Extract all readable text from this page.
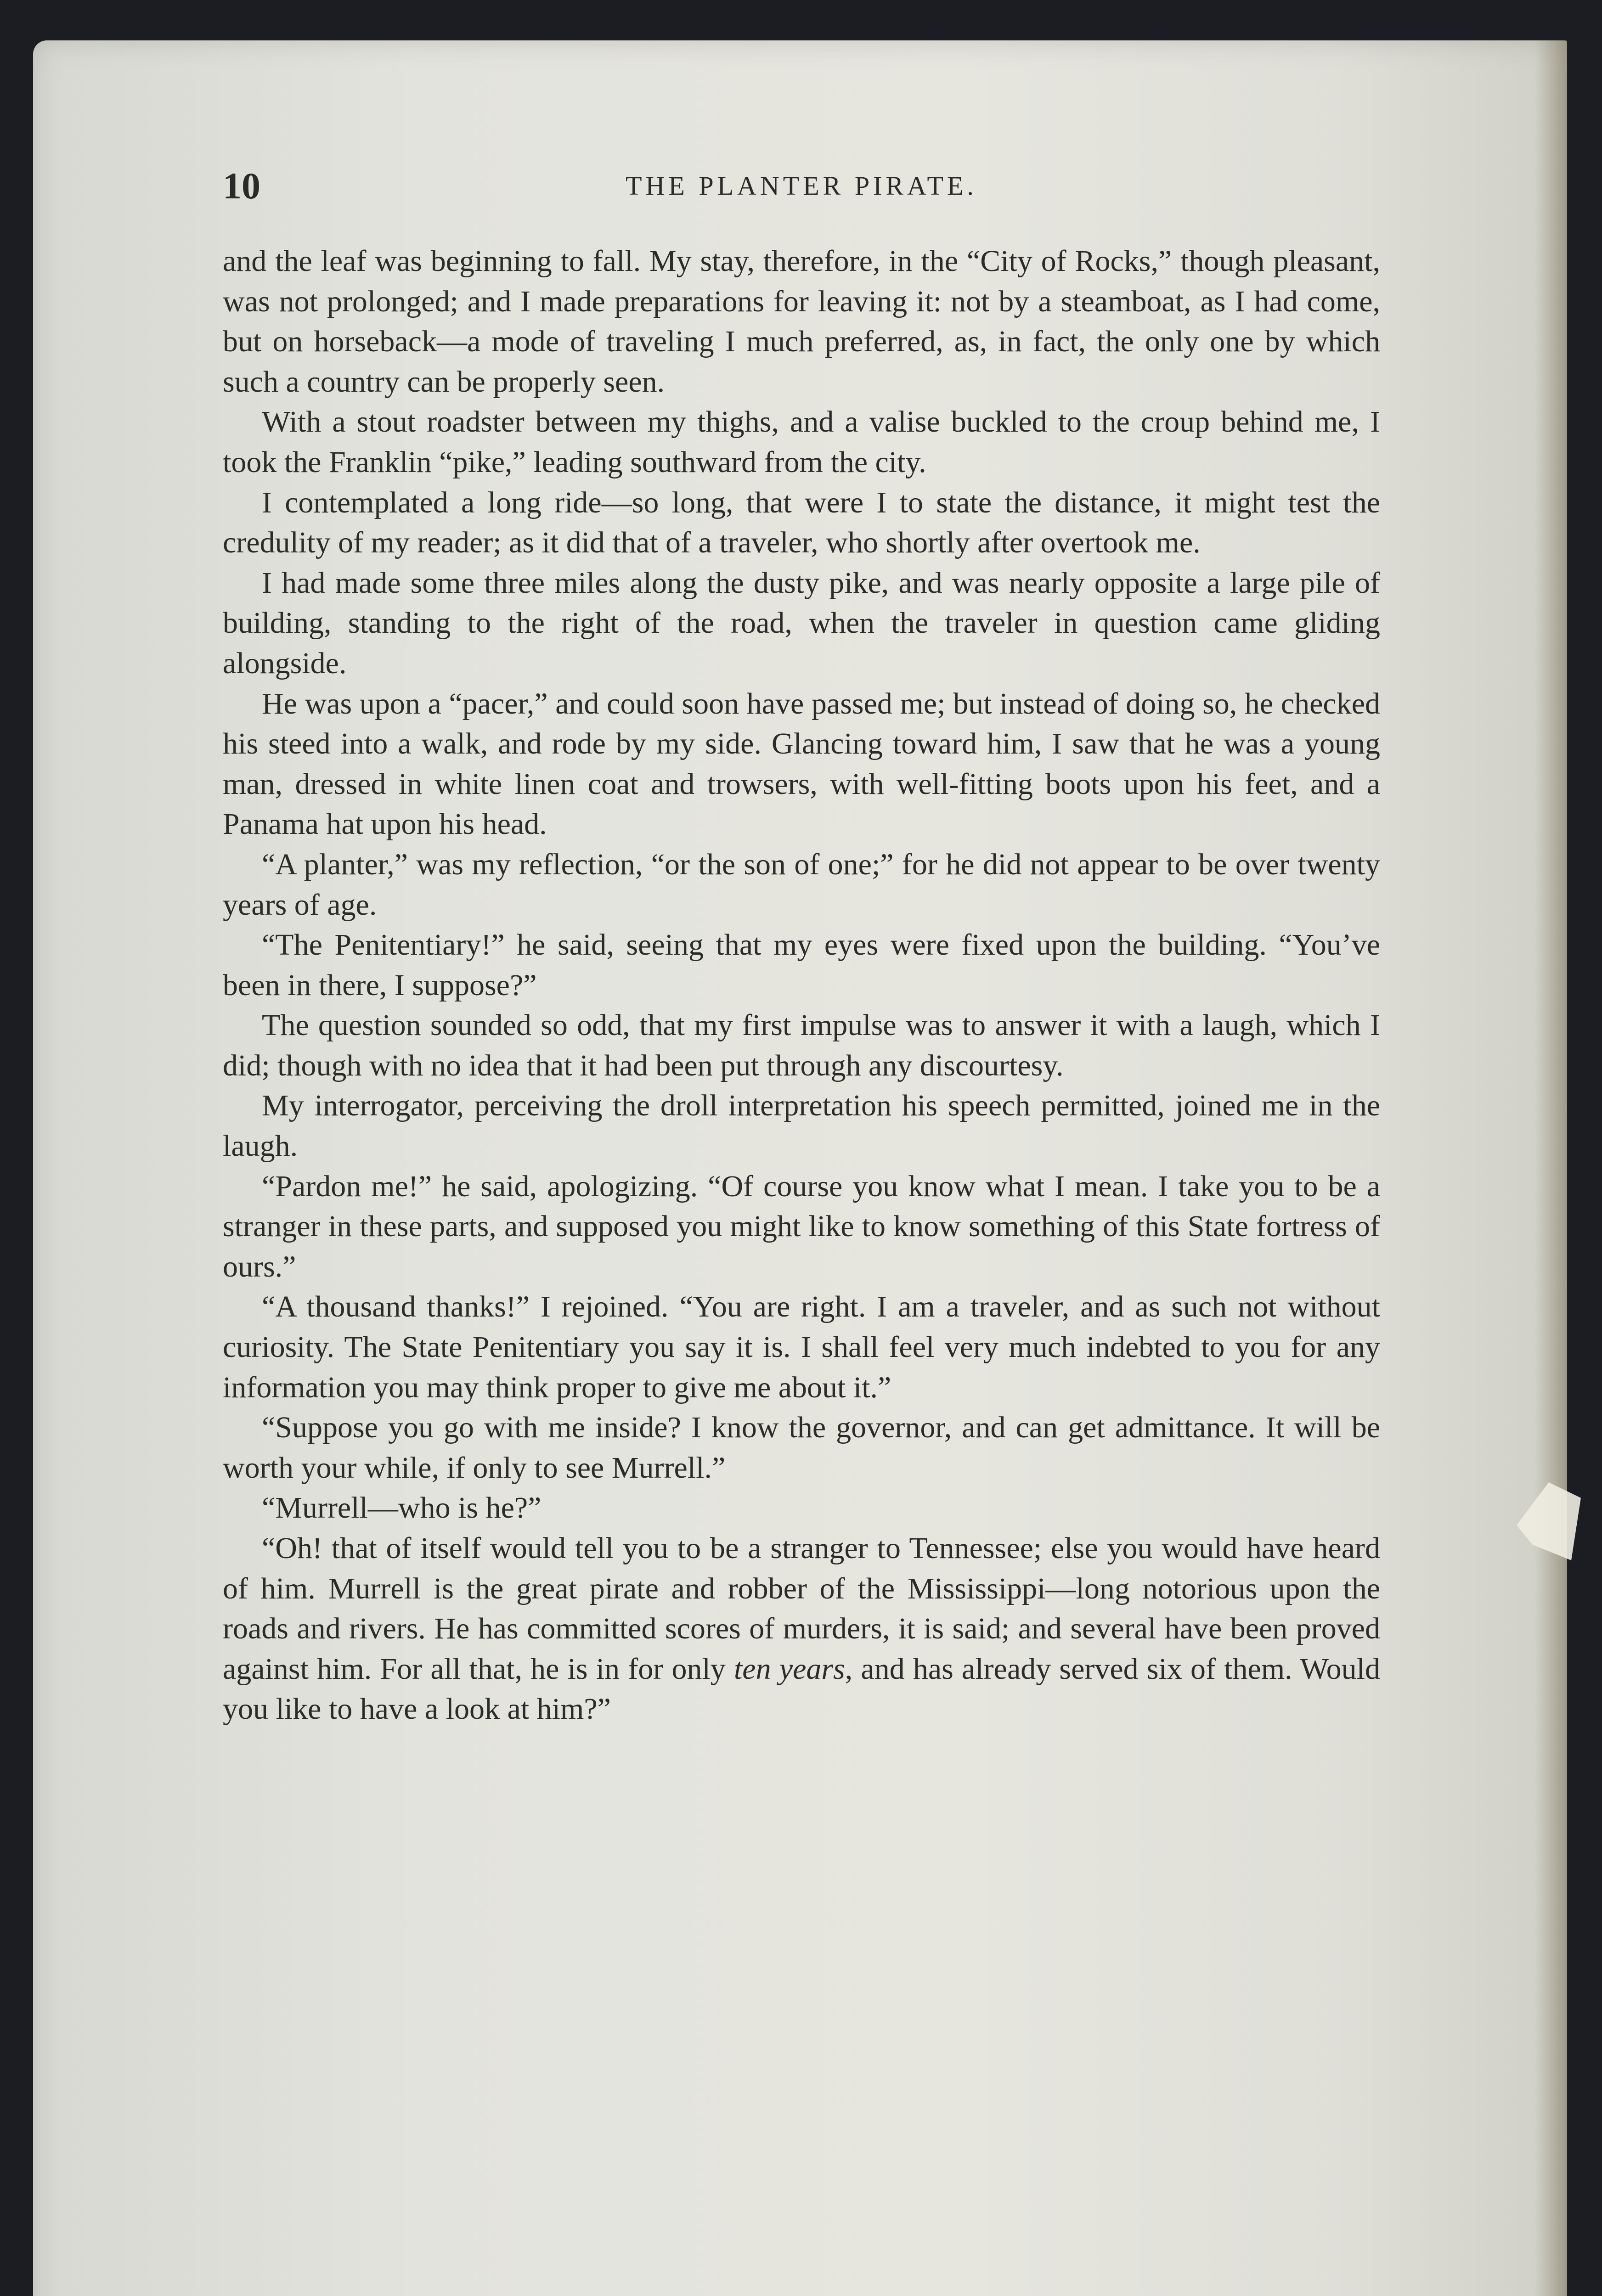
10	THE PLANTER PIRATE.

and the leaf was beginning to fall. My stay, therefore, in the “City of Rocks,” though pleasant, was not prolonged; and I made preparations for leaving it: not by a steamboat, as I had come, but on horseback—a mode of traveling I much preferred, as, in fact, the only one by which such a country can be properly seen.

With a stout roadster between my thighs, and a valise buckled to the croup behind me, I took the Franklin “pike,” leading southward from the city.

I contemplated a long ride—so long, that were I to state the distance, it might test the credulity of my reader; as it did that of a traveler, who shortly after overtook me.

I had made some three miles along the dusty pike, and was nearly opposite a large pile of building, standing to the right of the road, when the traveler in question came gliding alongside.

He was upon a “pacer,” and could soon have passed me; but instead of doing so, he checked his steed into a walk, and rode by my side. Glancing toward him, I saw that he was a young man, dressed in white linen coat and trowsers, with well-fitting boots upon his feet, and a Panama hat upon his head.

“A planter,” was my reflection, “or the son of one;” for he did not appear to be over twenty years of age.

“The Penitentiary!” he said, seeing that my eyes were fixed upon the building. “You’ve been in there, I suppose?”

The question sounded so odd, that my first impulse was to answer it with a laugh, which I did; though with no idea that it had been put through any discourtesy.

My interrogator, perceiving the droll interpretation his speech permitted, joined me in the laugh.

“Pardon me!” he said, apologizing. “Of course you know what I mean. I take you to be a stranger in these parts, and supposed you might like to know something of this State fortress of ours.”

“A thousand thanks!” I rejoined. “You are right. I am a traveler, and as such not without curiosity. The State Penitentiary you say it is. I shall feel very much indebted to you for any information you may think proper to give me about it.”

“Suppose you go with me inside? I know the governor, and can get admittance. It will be worth your while, if only to see Murrell.”

“Murrell—who is he?”

“Oh! that of itself would tell you to be a stranger to Tennessee; else you would have heard of him. Murrell is the great pirate and robber of the Mississippi—long notorious upon the roads and rivers. He has committed scores of murders, it is said; and several have been proved against him. For all that, he is in for only ten years, and has already served six of them. Would you like to have a look at him?”
